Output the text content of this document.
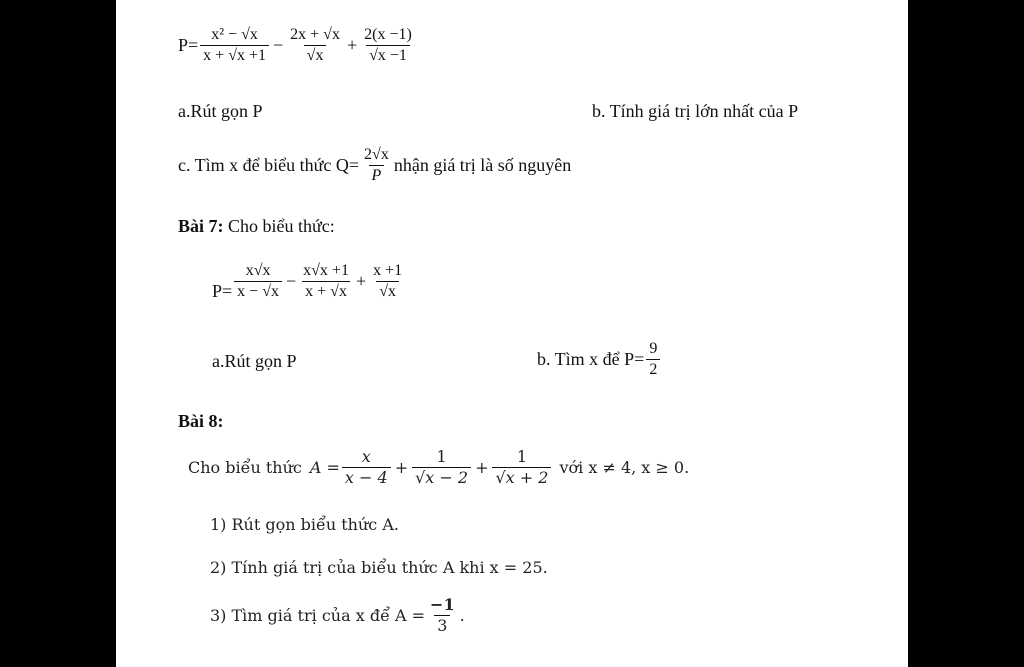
$P= \frac{\text{x² − √x}}{x + √x +1} - \frac{2x + √x}{√x} + \frac{2(x -1)}{√x -1}$
a.Rút gọn P	b. Tính giá trị lớn nhất của P
c. Tìm x để biểu thức $Q= \frac{2√x}{P}$ nhận giá trị là số nguyên
Bài 7: Cho biểu thức:
$P= \frac{x√x}{x - √x} - \frac{x√x +1}{x + √x} + \frac{x +1}{√x}$
a.Rút gọn P	b. Tìm x để $P= \frac{9}{2}$
Bài 8:
Cho biểu thức $A = \frac{x}{x - 4} + \frac{1}{√x - 2} + \frac{1}{√x + 2}$ với x ≠ 4, x ≥ 0.
1) Rút gọn biểu thức A.
2) Tính giá trị của biểu thức A khi x = 25.
3) Tìm giá trị của x để $A = \frac{-1}{3}$ .
